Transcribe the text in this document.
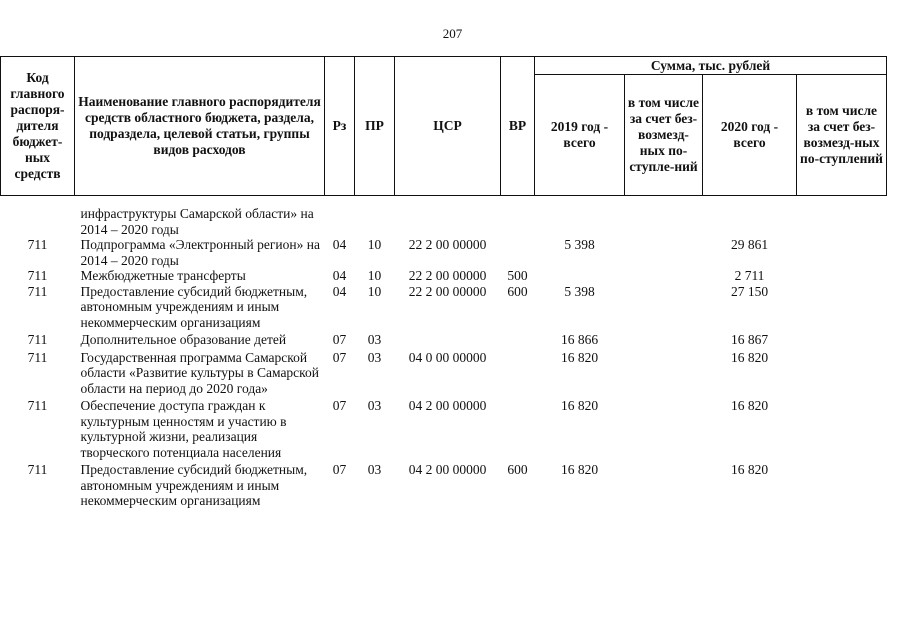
207
Код главного распоря-дителя бюджет-ных средств	Наименование главного распорядителя средств областного бюджета, раздела, подраздела, целевой статьи, группы видов расходов	Рз	ПР	ЦСР	ВР	Сумма, тыс. рублей			
						2019 год - всего	в том числе за счет без-возмезд-ных по-ступле-ний	2020 год - всего	в том числе за счет без-возмезд-ных по-ступлений

	инфраструктуры Самарской области» на 2014 – 2020 годы								
711	Подпрограмма «Электронный регион» на 2014 – 2020 годы	04	10	22 2 00 00000		5 398		29 861	
711	Межбюджетные трансферты	04	10	22 2 00 00000	500			2 711	
711	Предоставление субсидий бюджетным, автономным учреждениям и иным некоммерческим организациям	04	10	22 2 00 00000	600	5 398		27 150	
711	Дополнительное образование детей	07	03			16 866		16 867	
711	Государственная программа Самарской области «Развитие культуры в Самарской области на период до 2020 года»	07	03	04 0 00 00000		16 820		16 820	
711	Обеспечение доступа граждан к культурным ценностям и участию в культурной жизни, реализация творческого потенциала населения	07	03	04 2 00 00000		16 820		16 820	
711	Предоставление субсидий бюджетным, автономным учреждениям и иным некоммерческим организациям	07	03	04 2 00 00000	600	16 820		16 820	
